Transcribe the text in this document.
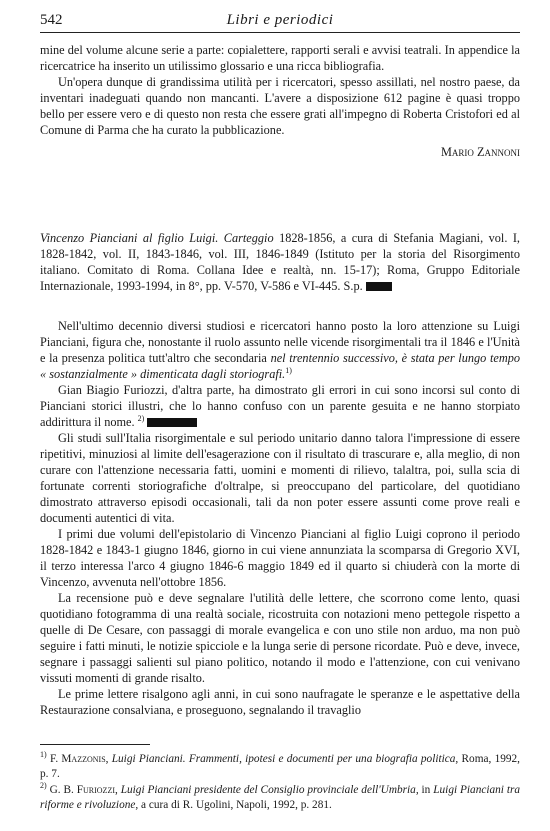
542	Libri e periodici

mine del volume alcune serie a parte: copialettere, rapporti serali e avvisi teatrali. In appendice la ricercatrice ha inserito un utilissimo glossario e una ricca bibliografia.

Un'opera dunque di grandissima utilità per i ricercatori, spesso assillati, nel nostro paese, da inventari inadeguati quando non mancanti. L'avere a disposizione 612 pagine è quasi troppo bello per essere vero e di questo non resta che essere grati all'impegno di Roberta Cristofori ed al Comune di Parma che ha curato la pubblicazione.

Mario Zannoni
Vincenzo Pianciani al figlio Luigi. Carteggio 1828-1856, a cura di Stefania Magiani, vol. I, 1828-1842, vol. II, 1843-1846, vol. III, 1846-1849 (Istituto per la storia del Risorgimento italiano. Comitato di Roma. Collana Idee e realtà, nn. 15-17); Roma, Gruppo Editoriale Internazionale, 1993-1994, in 8°, pp. V-570, V-586 e VI-445. S.p.

Nell'ultimo decennio diversi studiosi e ricercatori hanno posto la loro attenzione su Luigi Pianciani, figura che, nonostante il ruolo assunto nelle vicende risorgimentali tra il 1846 e l'Unità e la presenza politica tutt'altro che secondaria nel trentennio successivo, è stata per lungo tempo « sostanzialmente » dimenticata dagli storiografi.$^{1)}$

Gian Biagio Furiozzi, d'altra parte, ha dimostrato gli errori in cui sono incorsi sul conto di Pianciani storici illustri, che lo hanno confuso con un parente gesuita e ne hanno storpiato addirittura il nome. $^{2)}$

Gli studi sull'Italia risorgimentale e sul periodo unitario danno talora l'impressione di essere ripetitivi, minuziosi al limite dell'esagerazione con il risultato di trascurare e, alla meglio, di non curare con l'attenzione necessaria fatti, uomini e momenti di rilievo, talaltra, poi, sulla scia di fortunate correnti storiografiche d'oltralpe, si preoccupano del particolare, del quotidiano dimostrato attraverso episodi occasionali, tali da non poter essere assunti come prove reali e documenti autentici di vita.

I primi due volumi dell'epistolario di Vincenzo Pianciani al figlio Luigi coprono il periodo 1828-1842 e 1843-1 giugno 1846, giorno in cui viene annunziata la scomparsa di Gregorio XVI, il terzo interessa l'arco 4 giugno 1846-6 maggio 1849 ed il quarto si chiuderà con la morte di Vincenzo, avvenuta nell'ottobre 1856.

La recensione può e deve segnalare l'utilità delle lettere, che scorrono come lento, quasi quotidiano fotogramma di una realtà sociale, ricostruita con notazioni meno pettegole rispetto a quelle di De Cesare, con passaggi di morale evangelica e con uno stile non arduo, ma non può seguire i fatti minuti, le notizie spicciole e la lunga serie di persone ricordate. Può e deve, invece, segnare i passaggi salienti sul piano politico, notando il modo e l'attenzione, con cui venivano vissuti momenti di grande risalto.

Le prime lettere risalgono agli anni, in cui sono naufragate le speranze e le aspettative della Restaurazione consalviana, e proseguono, segnalando il travaglio

$^{1)}$ F. Mazzonis, Luigi Pianciani. Frammenti, ipotesi e documenti per una biografia politica, Roma, 1992, p. 7.

$^{2)}$ G. B. Furiozzi, Luigi Pianciani presidente del Consiglio provinciale dell'Umbria, in Luigi Pianciani tra riforme e rivoluzione, a cura di R. Ugolini, Napoli, 1992, p. 281.
